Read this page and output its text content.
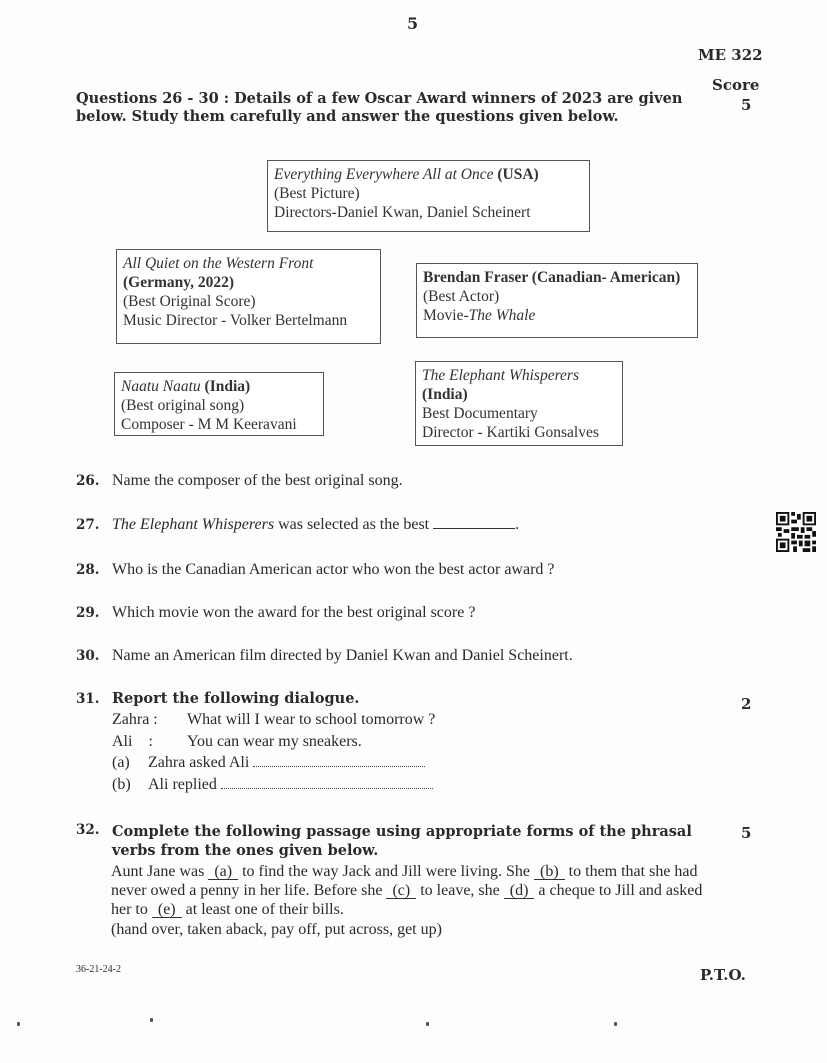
5
ME 322
Score
Questions 26 - 30 : Details of a few Oscar Award winners of 2023 are given below. Study them carefully and answer the questions given below.
5
Everything Everywhere All at Once (USA)
(Best Picture)
Directors-Daniel Kwan, Daniel Scheinert
All Quiet on the Western Front
(Germany, 2022)
(Best Original Score)
Music Director - Volker Bertelmann
Brendan Fraser (Canadian- American)
(Best Actor)
Movie-The Whale
Naatu Naatu (India)
(Best original song)
Composer - M M Keeravani
The Elephant Whisperers
(India)
Best Documentary
Director - Kartiki Gonsalves
26. Name the composer of the best original song.
27. The Elephant Whisperers was selected as the best	.
28. Who is the Canadian American actor who won the best actor award ?
29. Which movie won the award for the best original score ?
30. Name an American film directed by Daniel Kwan and Daniel Scheinert.
31. Report the following dialogue.	2
Zahra : What will I wear to school tomorrow ?
Ali    : You can wear my sneakers.
(a) Zahra asked Ali
(b) Ali replied
32. Complete the following passage using appropriate forms of the phrasal verbs from the ones given below.
5
Aunt Jane was (a) to find the way Jack and Jill were living. She (b) to them that she had never owed a penny in her life. Before she (c) to leave, she (d) a cheque to Jill and asked her to (e) at least one of their bills.
(hand over, taken aback, pay off, put across, get up)
36-21-24-2	P.T.O.
